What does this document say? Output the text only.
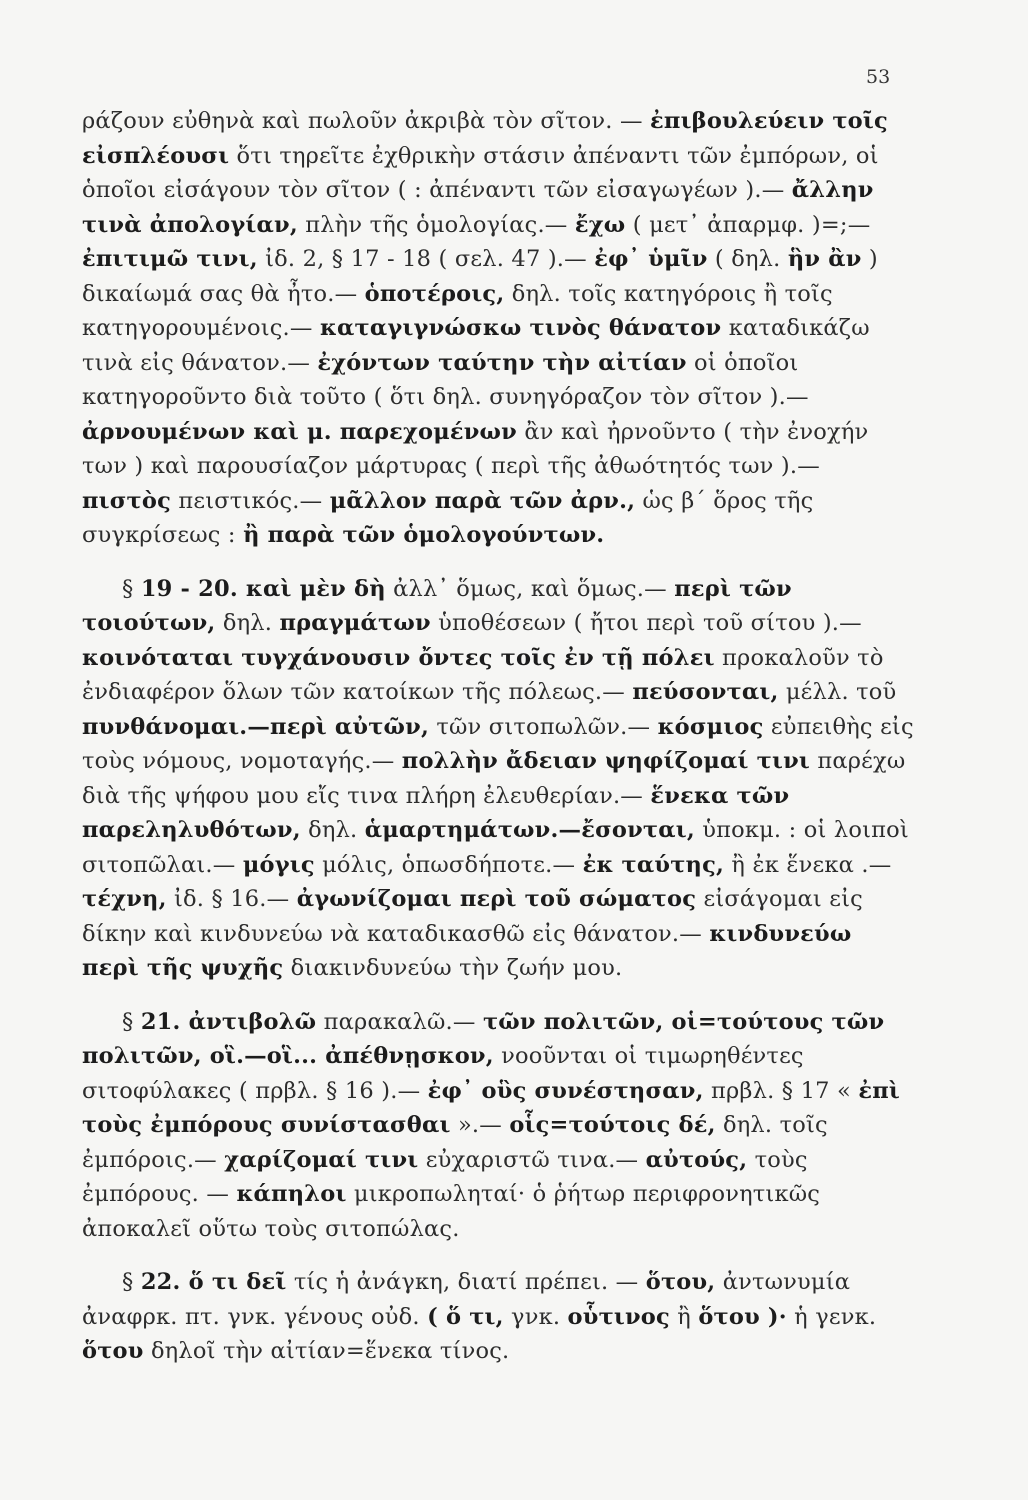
53

ράζουν εὐθηνὰ καὶ πωλοῦν ἀκριβὰ τὸν σῖτον. — ἐπιβουλεύειν τοῖς εἰσπλέουσι ὅτι τηρεῖτε ἐχθρικὴν στάσιν ἀπέναντι τῶν ἐμπόρων, οἱ ὁποῖοι εἰσάγουν τὸν σῖτον ( : ἀπέναντι τῶν εἰσαγωγέων ).— ἄλλην τινὰ ἀπολογίαν, πλὴν τῆς ὁμολογίας.— ἔχω ( μετ᾽ ἀπαρμφ. )=;— ἐπιτιμῶ τινι, ἰδ. 2, § 17 - 18 ( σελ. 47 ).— ἐφ᾽ ὑμῖν ( δηλ. ἣν ἂν ) δικαίωμά σας θὰ ἦτο.— ὁποτέροις, δηλ. τοῖς κατηγόροις ἢ τοῖς κατηγορουμένοις.— καταγιγνώσκω τινὸς θάνατον καταδικάζω τινὰ εἰς θάνατον.— ἐχόντων ταύτην τὴν αἰτίαν οἱ ὁποῖοι κατηγοροῦντο διὰ τοῦτο ( ὅτι δηλ. συνηγόραζον τὸν σῖτον ).— ἀρνουμένων καὶ μ. παρεχομένων ἂν καὶ ἠρνοῦντο ( τὴν ἐνοχήν των ) καὶ παρουσίαζον μάρτυρας ( περὶ τῆς ἀθωότητός των ).— πιστὸς πειστικός.— μᾶλλον παρὰ τῶν ἀρν., ὡς β´ ὅρος τῆς συγκρίσεως : ἢ παρὰ τῶν ὁμολογούντων.

§ 19 - 20. καὶ μὲν δὴ ἀλλ᾽ ὅμως, καὶ ὅμως.— περὶ τῶν τοιούτων, δηλ. πραγμάτων ὑποθέσεων ( ἤτοι περὶ τοῦ σίτου ).— κοινόταται τυγχάνουσιν ὄντες τοῖς ἐν τῇ πόλει προκαλοῦν τὸ ἐνδιαφέρον ὅλων τῶν κατοίκων τῆς πόλεως.— πεύσονται, μέλλ. τοῦ πυνθάνομαι.—περὶ αὐτῶν, τῶν σιτοπωλῶν.— κόσμιος εὐπειθὴς εἰς τοὺς νόμους, νομοταγής.— πολλὴν ἄδειαν ψηφίζομαί τινι παρέχω διὰ τῆς ψήφου μου εἴς τινα πλήρη ἐλευθερίαν.— ἕνεκα τῶν παρεληλυθότων, δηλ. ἁμαρτημάτων.—ἔσονται, ὑποκμ. : οἱ λοιποὶ σιτοπῶλαι.— μόγις μόλις, ὁπωσδήποτε.— ἐκ ταύτης, ἢ ἐκ ἕνεκα .— τέχνη, ἰδ. § 16.— ἀγωνίζομαι περὶ τοῦ σώματος εἰσάγομαι εἰς δίκην καὶ κινδυνεύω νὰ καταδικασθῶ εἰς θάνατον.— κινδυνεύω περὶ τῆς ψυχῆς διακινδυνεύω τὴν ζωήν μου.

§ 21. ἀντιβολῶ παρακαλῶ.— τῶν πολιτῶν, οἱ=τούτους τῶν πολιτῶν, οἳ.—οἳ... ἀπέθνῃσκον, νοοῦνται οἱ τιμωρηθέντες σιτοφύλακες ( πρβλ. § 16 ).— ἐφ᾽ οὓς συνέστησαν, πρβλ. § 17 « ἐπὶ τοὺς ἐμπόρους συνίστασθαι ».— οἷς=τούτοις δέ, δηλ. τοῖς ἐμπόροις.— χαρίζομαί τινι εὐχαριστῶ τινα.— αὐτούς, τοὺς ἐμπόρους. — κάπηλοι μικροπωληταί· ὁ ῥήτωρ περιφρονητικῶς ἀποκαλεῖ οὕτω τοὺς σιτοπώλας.

§ 22. ὅ τι δεῖ τίς ἡ ἀνάγκη, διατί πρέπει. — ὅτου, ἀντωνυμία ἀναφρκ. πτ. γνκ. γένους οὐδ. ( ὅ τι, γνκ. οὗτινος ἢ ὅτου )· ἡ γενκ. ὅτου δηλοῖ τὴν αἰτίαν=ἕνεκα τίνος.
